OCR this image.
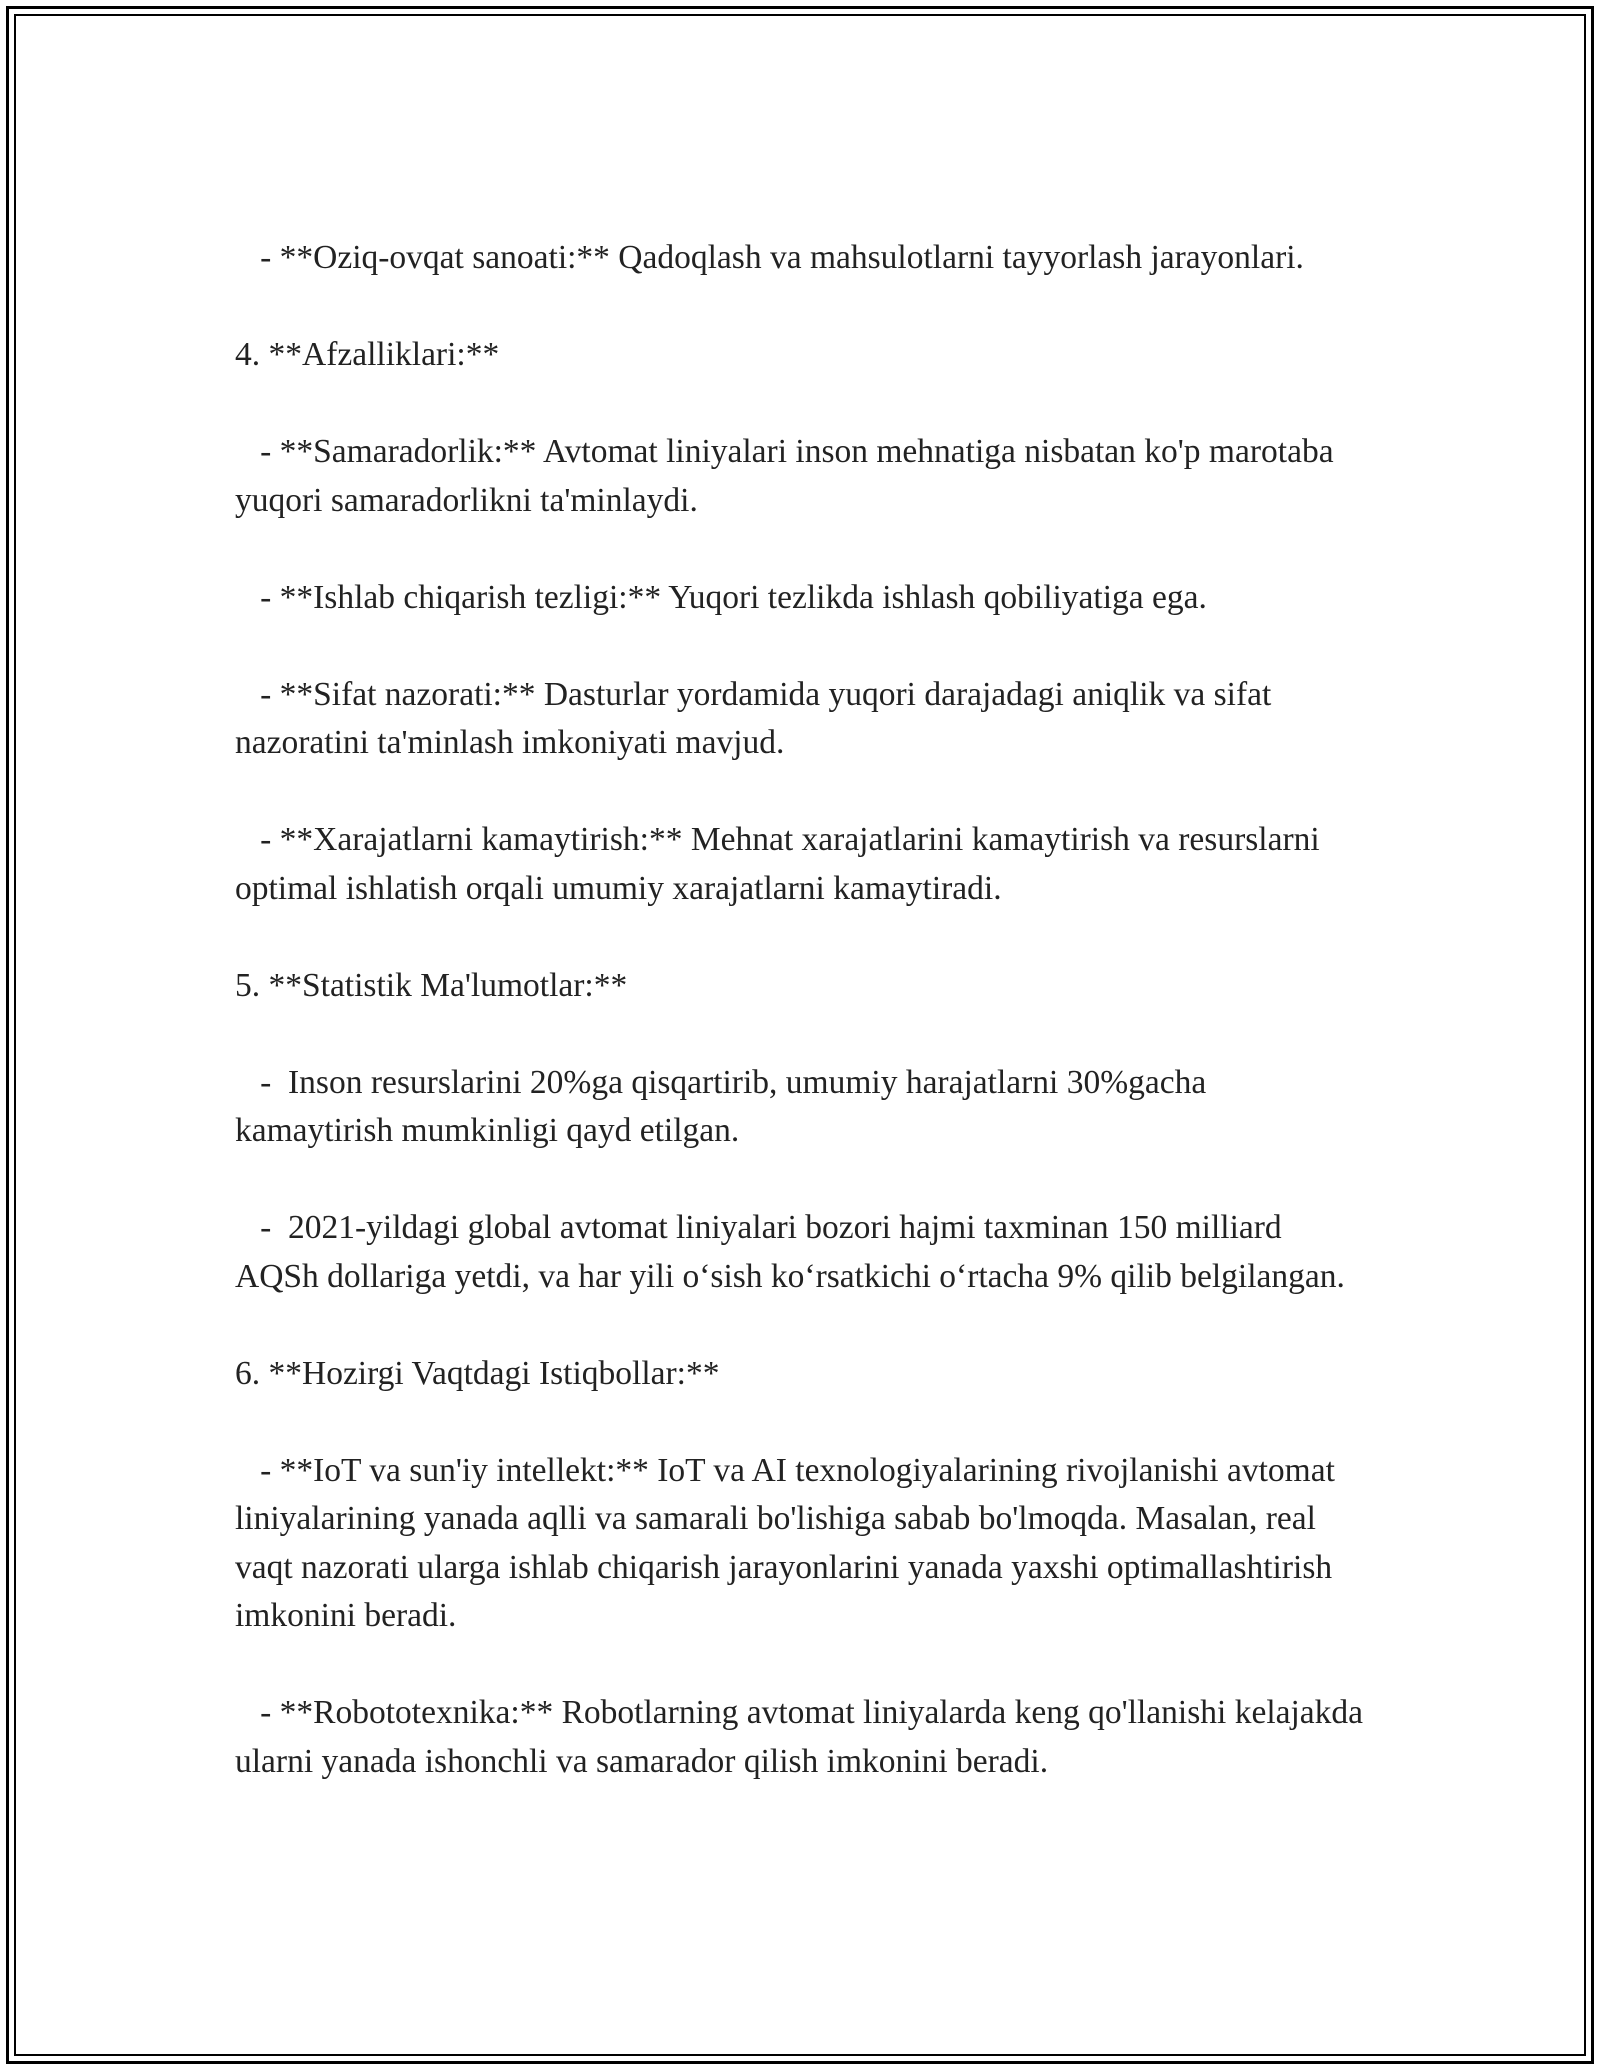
- **Oziq-ovqat sanoati:** Qadoqlash va mahsulotlarni tayyorlash jarayonlari.

4. **Afzalliklari:**

- **Samaradorlik:** Avtomat liniyalari inson mehnatiga nisbatan ko'p marotaba yuqori samaradorlikni ta'minlaydi.

- **Ishlab chiqarish tezligi:** Yuqori tezlikda ishlash qobiliyatiga ega.

- **Sifat nazorati:** Dasturlar yordamida yuqori darajadagi aniqlik va sifat nazoratini ta'minlash imkoniyati mavjud.

- **Xarajatlarni kamaytirish:** Mehnat xarajatlarini kamaytirish va resurslarni optimal ishlatish orqali umumiy xarajatlarni kamaytiradi.

5. **Statistik Ma'lumotlar:**

-  Inson resurslarini 20%ga qisqartirib, umumiy harajatlarni 30%gacha kamaytirish mumkinligi qayd etilgan.

-  2021-yildagi global avtomat liniyalari bozori hajmi taxminan 150 milliard AQSh dollariga yetdi, va har yili o‘sish ko‘rsatkichi o‘rtacha 9% qilib belgilangan.

6. **Hozirgi Vaqtdagi Istiqbollar:**

- **IoT va sun'iy intellekt:** IoT va AI texnologiyalarining rivojlanishi avtomat liniyalarining yanada aqlli va samarali bo'lishiga sabab bo'lmoqda. Masalan, real vaqt nazorati ularga ishlab chiqarish jarayonlarini yanada yaxshi optimallashtirish imkonini beradi.

- **Robototexnika:** Robotlarning avtomat liniyalarda keng qo'llanishi kelajakda ularni yanada ishonchli va samarador qilish imkonini beradi.
